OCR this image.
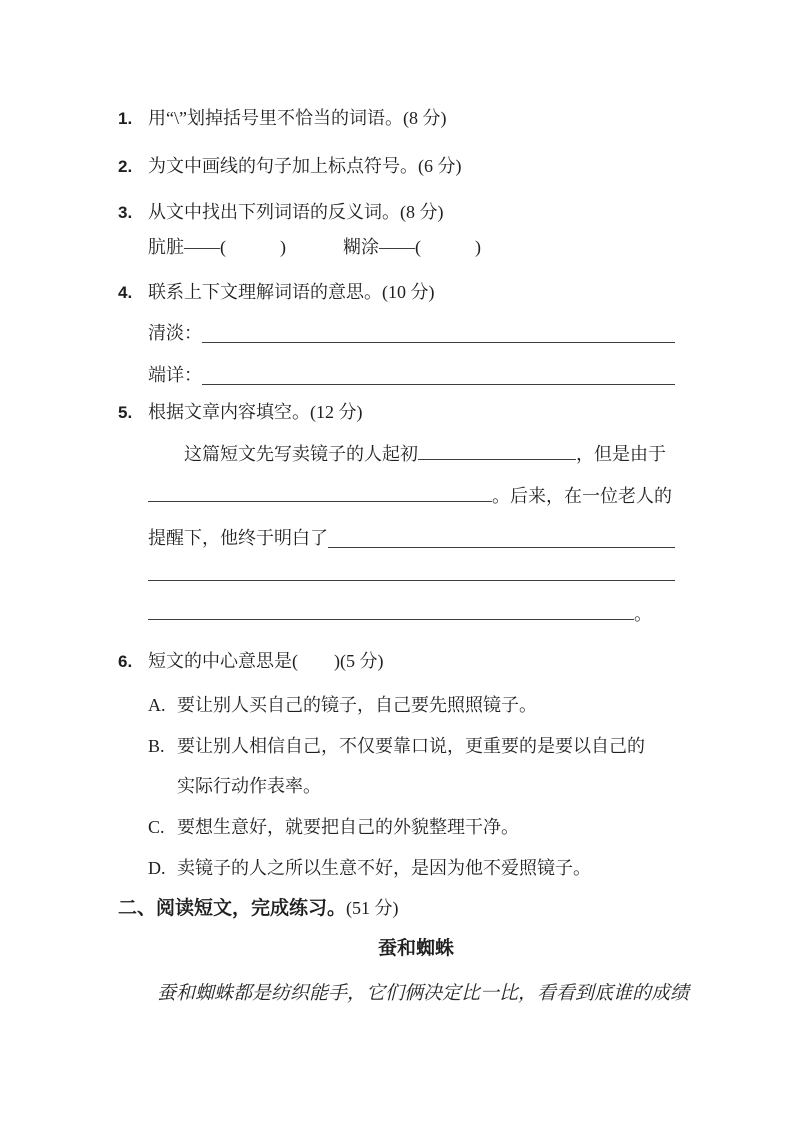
1. 用“\”划掉括号里不恰当的词语。(8 分)
2. 为文中画线的句子加上标点符号。(6 分)
3. 从文中找出下列词语的反义词。(8 分)
肮脏——(　　　)	糊涂——(　　　)
4. 联系上下文理解词语的意思。(10 分)
清淡：
端详：
5. 根据文章内容填空。(12 分)
这篇短文先写卖镜子的人起初	，但是由于
。后来，在一位老人的
提醒下，他终于明白了
。
6. 短文的中心意思是(　　)(5 分)
A. 要让别人买自己的镜子，自己要先照照镜子。
B. 要让别人相信自己，不仅要靠口说，更重要的是要以自己的
实际行动作表率。
C. 要想生意好，就要把自己的外貌整理干净。
D. 卖镜子的人之所以生意不好，是因为他不爱照镜子。
二、阅读短文，完成练习。(51 分)
蚕和蜘蛛
蚕和蜘蛛都是纺织能手，它们俩决定比一比，看看到底谁的成绩
